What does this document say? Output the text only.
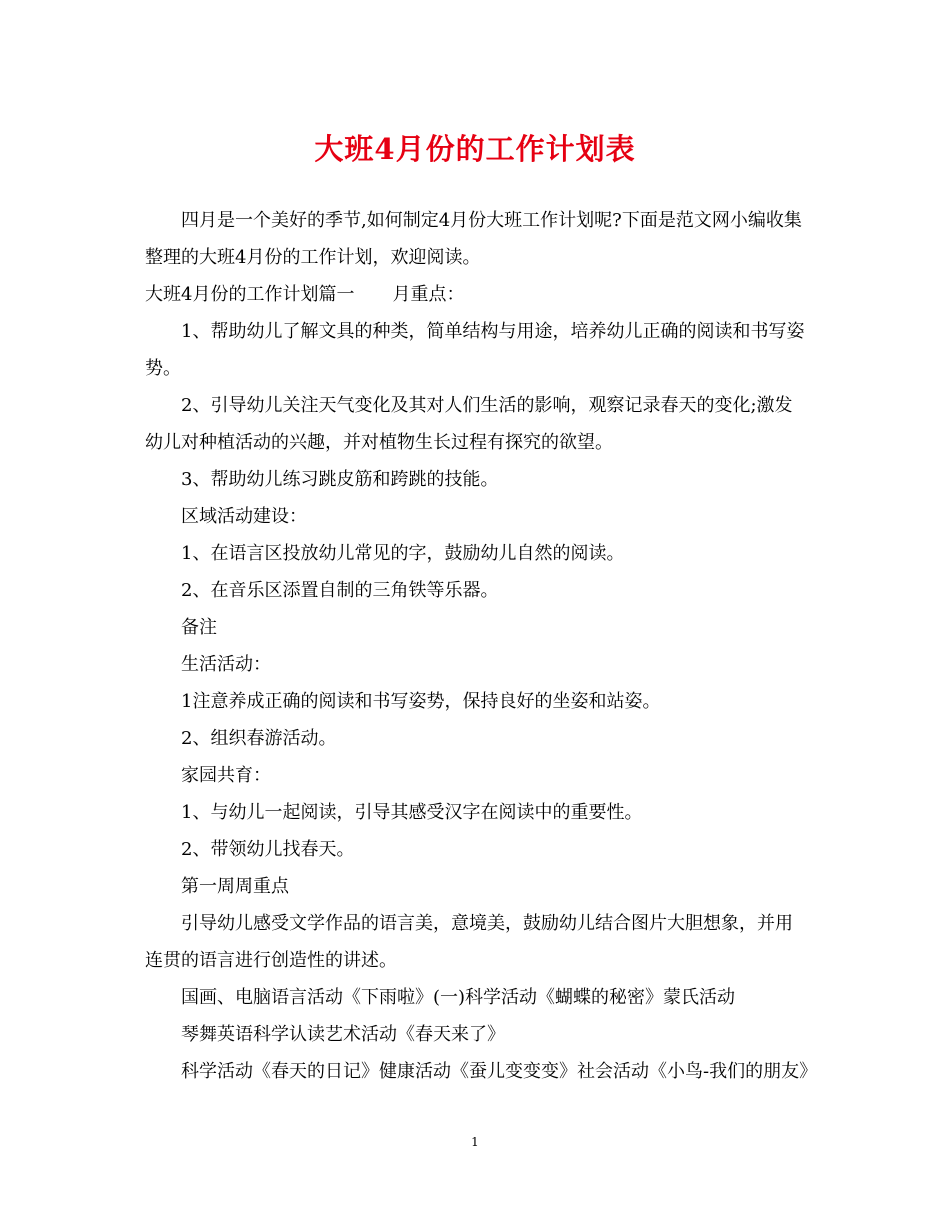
大班4月份的工作计划表

四月是一个美好的季节,如何制定4月份大班工作计划呢?下面是范文网小编收集整理的大班4月份的工作计划，欢迎阅读。

大班4月份的工作计划篇一 月重点：

1、帮助幼儿了解文具的种类，简单结构与用途，培养幼儿正确的阅读和书写姿势。

2、引导幼儿关注天气变化及其对人们生活的影响，观察记录春天的变化;激发幼儿对种植活动的兴趣，并对植物生长过程有探究的欲望。

3、帮助幼儿练习跳皮筋和跨跳的技能。

区域活动建设：

1、在语言区投放幼儿常见的字，鼓励幼儿自然的阅读。

2、在音乐区添置自制的三角铁等乐器。

备注

生活活动：

1注意养成正确的阅读和书写姿势，保持良好的坐姿和站姿。

2、组织春游活动。

家园共育：

1、与幼儿一起阅读，引导其感受汉字在阅读中的重要性。

2、带领幼儿找春天。

第一周周重点

引导幼儿感受文学作品的语言美，意境美，鼓励幼儿结合图片大胆想象，并用连贯的语言进行创造性的讲述。

国画、电脑语言活动《下雨啦》(一)科学活动《蝴蝶的秘密》蒙氏活动

琴舞英语科学认读艺术活动《春天来了》

科学活动《春天的日记》健康活动《蚕儿变变变》社会活动《小鸟-我们的朋友》

1
